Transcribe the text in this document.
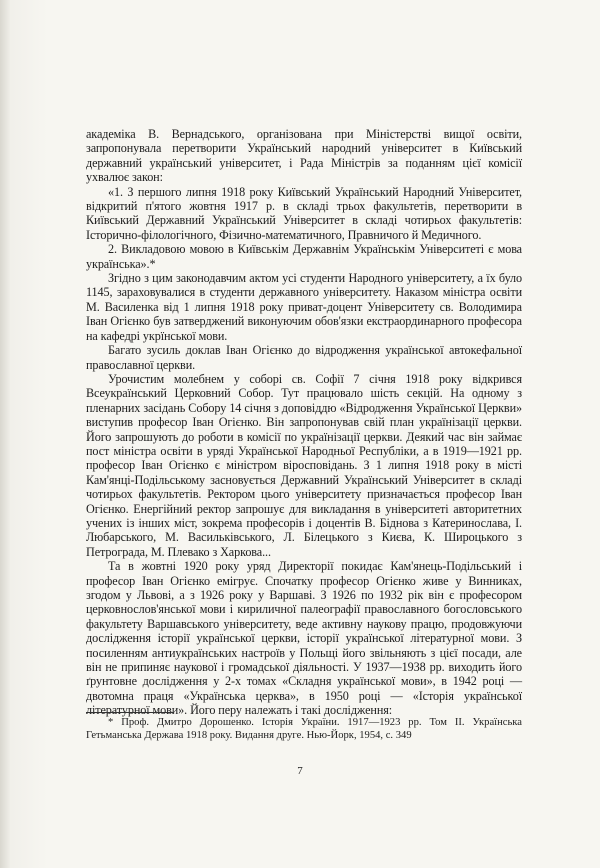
академіка В. Вернадського, організована при Міністерстві вищої освіти, запропонувала перетворити Український народний університет в Київський державний український університет, і Рада Міністрів за поданням цієї комісії ухвалює закон:

«1. З першого липня 1918 року Київський Український Народний Університет, відкритий п'ятого жовтня 1917 р. в складі трьох факультетів, перетворити в Київський Державний Український Університет в складі чотирьох факультетів: Історично-філологічного, Фізично-математичного, Правничого й Медичного.

2. Викладовою мовою в Київськім Державнім Українськім Університеті є мова українська».*

Згідно з цим законодавчим актом усі студенти Народного університету, а їх було 1145, зараховувалися в студенти державного університету. Наказом міністра освіти М. Василенка від 1 липня 1918 року приват-доцент Університету св. Володимира Іван Огієнко був затверджений виконуючим обов'язки екстраординарного професора на кафедрі укрїнської мови.

Багато зусиль доклав Іван Огієнко до відродження української автокефальної православної церкви.

Урочистим молебнем у соборі св. Софії 7 січня 1918 року відкрився Всеукраїнський Церковний Собор. Тут працювало шість секцій. На одному з пленарних засідань Собору 14 січня з доповіддю «Відродження Української Церкви» виступив професор Іван Огієнко. Він запропонував свій план українізації церкви. Його запрошують до роботи в комісії по українізації церкви. Деякий час він займає пост міністра освіти в уряді Української Народньої Республіки, а в 1919—1921 рр. професор Іван Огієнко є міністром віросповідань. З 1 липня 1918 року в місті Кам'янці-Подільському засновується Державний Український Університет в складі чотирьох факультетів. Ректором цього університету призначається професор Іван Огієнко. Енергійний ректор запрошує для викладання в університеті авторитетних учених із інших міст, зокрема професорів і доцентів В. Біднова з Катеринослава, І. Любарського, М. Васильківського, Л. Білецького з Києва, К. Широцького з Петрограда, М. Плевако з Харкова...

Та в жовтні 1920 року уряд Директорії покидає Кам'янець-Подільський і професор Іван Огієнко емігрує. Спочатку професор Огієнко живе у Винниках, згодом у Львові, а з 1926 року у Варшаві. З 1926 по 1932 рік він є професором церковнослов'янської мови і кириличної палеографії православного богословського факультету Варшавського університету, веде активну наукову працю, продовжуючи дослідження історії української церкви, історії української літературної мови. З посиленням антиукраїнських настроїв у Польщі його звільняють з цієї посади, але він не припиняє наукової і громадської діяльності. У 1937—1938 рр. виходить його ґрунтовне дослідження у 2-х томах «Складня української мови», в 1942 році — двотомна праця «Українська церква», в 1950 році — «Історія української літературної мови». Його перу належать і такі дослідження:

* Проф. Дмитро Дорошенко. Історія України. 1917—1923 рр. Том II. Українська Гетьманська Держава 1918 року. Видання друге. Нью-Йорк, 1954, с. 349

7
